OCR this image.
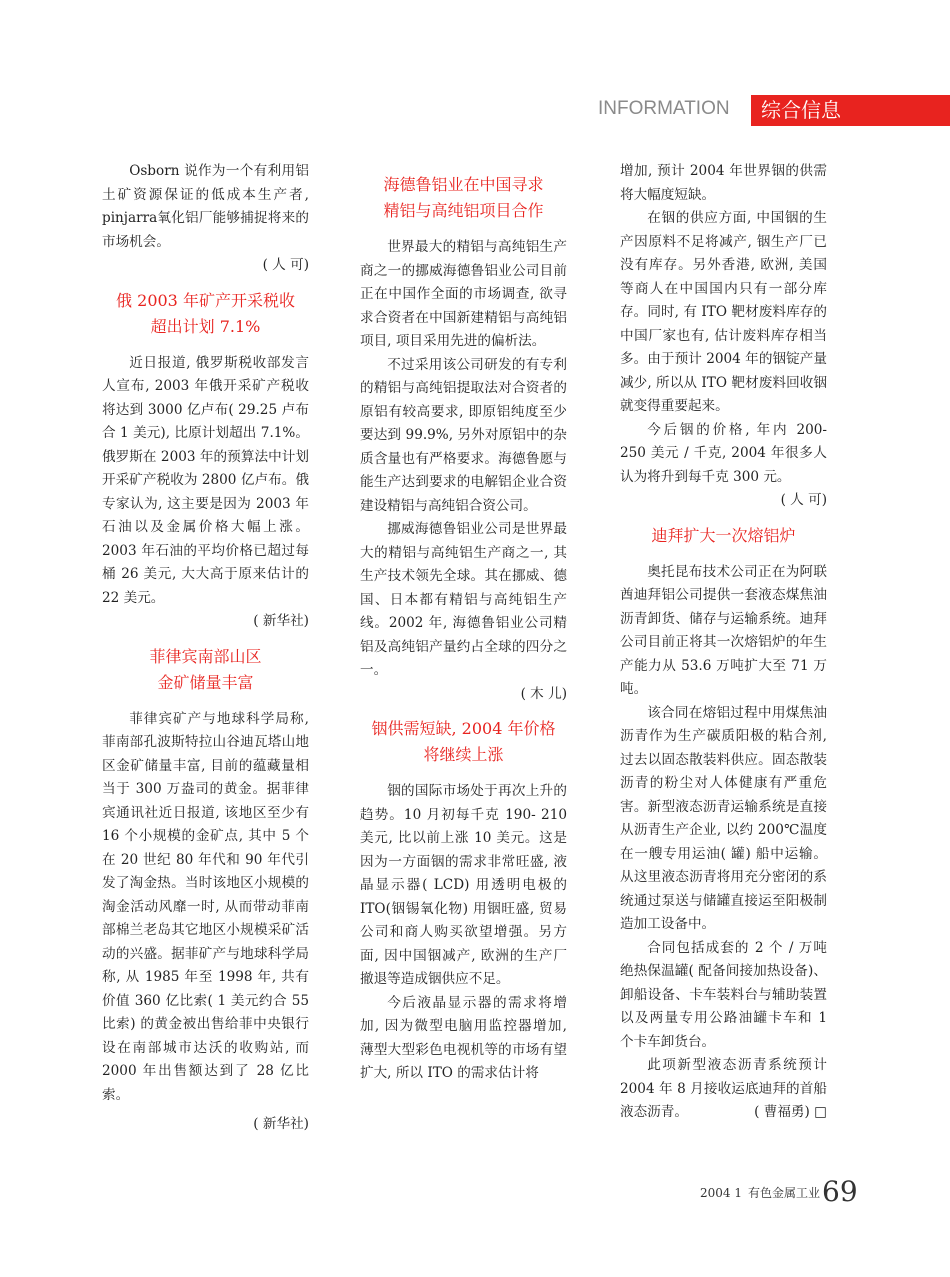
INFORMATION	综合信息

Osborn 说作为一个有利用铝土矿资源保证的低成本生产者, pinjarra氧化铝厂能够捕捉将来的市场机会。

( 人 可)
俄 2003 年矿产开采税收
超出计划 7.1%

近日报道, 俄罗斯税收部发言人宣布, 2003 年俄开采矿产税收将达到 3000 亿卢布( 29.25 卢布合 1 美元), 比原计划超出 7.1%。俄罗斯在 2003 年的预算法中计划开采矿产税收为 2800 亿卢布。俄专家认为, 这主要是因为 2003 年石油以及金属价格大幅上涨。2003 年石油的平均价格已超过每桶 26 美元, 大大高于原来估计的 22 美元。

( 新华社)
菲律宾南部山区
金矿储量丰富

菲律宾矿产与地球科学局称, 菲南部孔波斯特拉山谷迪瓦塔山地区金矿储量丰富, 目前的蕴藏量相当于 300 万盎司的黄金。据菲律宾通讯社近日报道, 该地区至少有 16 个小规模的金矿点, 其中 5 个在 20 世纪 80 年代和 90 年代引发了淘金热。当时该地区小规模的淘金活动风靡一时, 从而带动菲南部棉兰老岛其它地区小规模采矿活动的兴盛。据菲矿产与地球科学局称, 从 1985 年至 1998 年, 共有价值 360 亿比索( 1 美元约合 55 比索) 的黄金被出售给菲中央银行设在南部城市达沃的收购站, 而 2000 年出售额达到了 28 亿比索。

( 新华社)
海德鲁铝业在中国寻求
精铝与高纯铝项目合作

世界最大的精铝与高纯铝生产商之一的挪威海德鲁铝业公司目前正在中国作全面的市场调查, 欲寻求合资者在中国新建精铝与高纯铝项目, 项目采用先进的偏析法。

不过采用该公司研发的有专利的精铝与高纯铝提取法对合资者的原铝有较高要求, 即原铝纯度至少要达到 99.9%, 另外对原铝中的杂质含量也有严格要求。海德鲁愿与能生产达到要求的电解铝企业合资建设精铝与高纯铝合资公司。

挪威海德鲁铝业公司是世界最大的精铝与高纯铝生产商之一, 其生产技术领先全球。其在挪威、德国、日本都有精铝与高纯铝生产线。2002 年, 海德鲁铝业公司精铝及高纯铝产量约占全球的四分之一。

( 木 儿)
铟供需短缺, 2004 年价格
将继续上涨

铟的国际市场处于再次上升的趋势。10 月初每千克 190- 210 美元, 比以前上涨 10 美元。这是因为一方面铟的需求非常旺盛, 液晶显示器( LCD) 用透明电极的 ITO(铟锡氧化物) 用铟旺盛, 贸易公司和商人购买欲望增强。另方面, 因中国铟减产, 欧洲的生产厂撤退等造成铟供应不足。

今后液晶显示器的需求将增加, 因为微型电脑用监控器增加, 薄型大型彩色电视机等的市场有望扩大, 所以 ITO 的需求估计将

增加, 预计 2004 年世界铟的供需将大幅度短缺。

在铟的供应方面, 中国铟的生产因原料不足将减产, 铟生产厂已没有库存。另外香港, 欧洲, 美国等商人在中国国内只有一部分库存。同时, 有 ITO 靶材废料库存的中国厂家也有, 估计废料库存相当多。由于预计 2004 年的铟锭产量减少, 所以从 ITO 靶材废料回收铟就变得重要起来。

今后铟的价格, 年内 200- 250 美元 / 千克, 2004 年很多人认为将升到每千克 300 元。

( 人 可)
迪拜扩大一次熔铝炉

奥托昆布技术公司正在为阿联酋迪拜铝公司提供一套液态煤焦油沥青卸货、储存与运输系统。迪拜公司目前正将其一次熔铝炉的年生产能力从 53.6 万吨扩大至 71 万吨。

该合同在熔铝过程中用煤焦油沥青作为生产碳质阳极的粘合剂, 过去以固态散装料供应。固态散装沥青的粉尘对人体健康有严重危害。新型液态沥青运输系统是直接从沥青生产企业, 以约 200℃温度在一艘专用运油( 罐) 船中运输。从这里液态沥青将用充分密闭的系统通过泵送与储罐直接运至阳极制造加工设备中。

合同包括成套的 2 个 / 万吨绝热保温罐( 配备间接加热设备)、卸船设备、卡车装料台与辅助装置以及两量专用公路油罐卡车和 1 个卡车卸货台。

此项新型液态沥青系统预计 2004 年 8 月接收运底迪拜的首船液态沥青。	( 曹福勇) □
$^{2004 1}$ $^{有色金属工业}$69
